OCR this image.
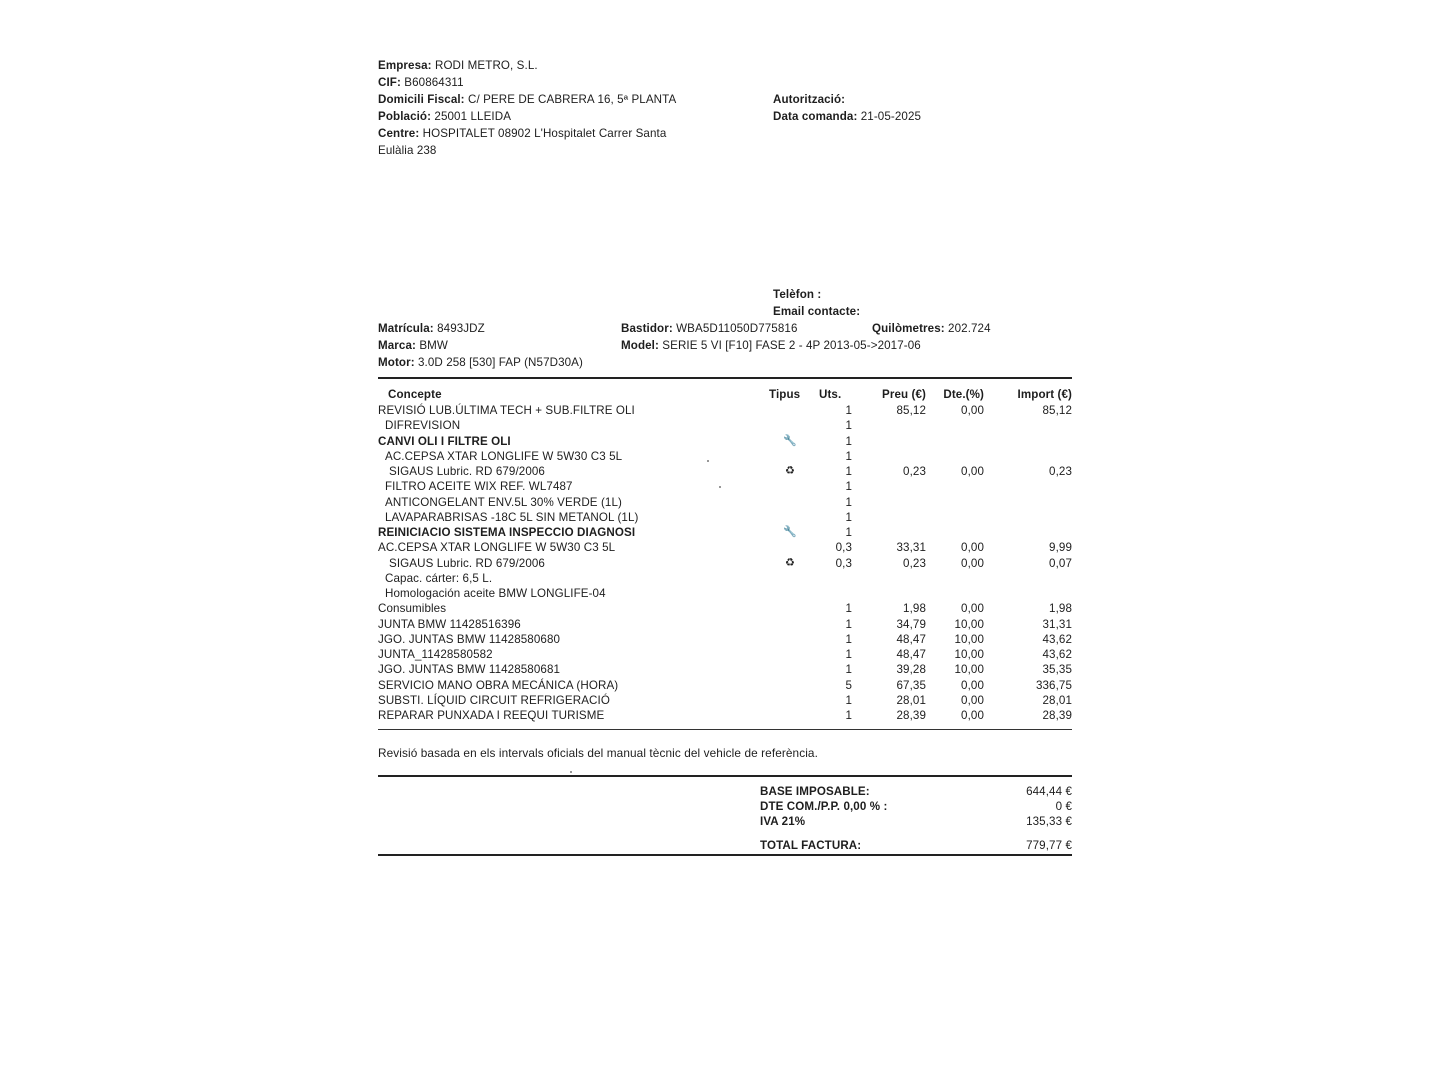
Empresa: RODI METRO, S.L.
CIF: B60864311
Domicili Fiscal: C/ PERE DE CABRERA 16, 5ª PLANTA
Població: 25001 LLEIDA
Centre: HOSPITALET 08902 L'Hospitalet Carrer Santa
Eulàlia 238
Autorització:
Data comanda: 21-05-2025
Telèfon :
Email contacte:
Matrícula: 8493JDZ	Bastidor: WBA5D11050D775816	Quilòmetres: 202.724
Marca: BMW	Model: SERIE 5 VI [F10] FASE 2 - 4P 2013-05->2017-06
Motor: 3.0D 258 [530] FAP (N57D30A)
Concepte	Tipus Uts.	Preu (€) Dte.(%)	Import (€)
REVISIÓ LUB.ÚLTIMA TECH + SUB.FILTRE OLI	1	85,12	0,00	85,12
DIFREVISION	1
CANVI OLI I FILTRE OLI	🔧	1
AC.CEPSA XTAR LONGLIFE W 5W30 C3 5L	1
SIGAUS Lubric. RD 679/2006	♻	1	0,23	0,00	0,23
FILTRO ACEITE WIX REF. WL7487	1
ANTICONGELANT ENV.5L 30% VERDE (1L)	1
LAVAPARABRISAS -18C 5L SIN METANOL (1L)	1
REINICIACIO SISTEMA INSPECCIO DIAGNOSI	🔧	1
AC.CEPSA XTAR LONGLIFE W 5W30 C3 5L	0,3	33,31	0,00	9,99
SIGAUS Lubric. RD 679/2006	♻	0,3	0,23	0,00	0,07
Capac. cárter: 6,5 L.
Homologación aceite BMW LONGLIFE-04
Consumibles	1	1,98	0,00	1,98
JUNTA BMW 11428516396	1	34,79 10,00	31,31
JGO. JUNTAS BMW 11428580680	1	48,47 10,00	43,62
JUNTA_11428580582	1	48,47 10,00	43,62
JGO. JUNTAS BMW 11428580681	1	39,28 10,00	35,35
SERVICIO MANO OBRA MECÁNICA (HORA)	5	67,35	0,00	336,75
SUBSTI. LÍQUID CIRCUIT REFRIGERACIÓ	1	28,01	0,00	28,01
REPARAR PUNXADA I REEQUI TURISME	1	28,39	0,00	28,39
Revisió basada en els intervals oficials del manual tècnic del vehicle de referència.
BASE IMPOSABLE:	644,44 €
DTE COM./P.P. 0,00 % :	0 €
IVA 21%	135,33 €
TOTAL FACTURA:	779,77 €
